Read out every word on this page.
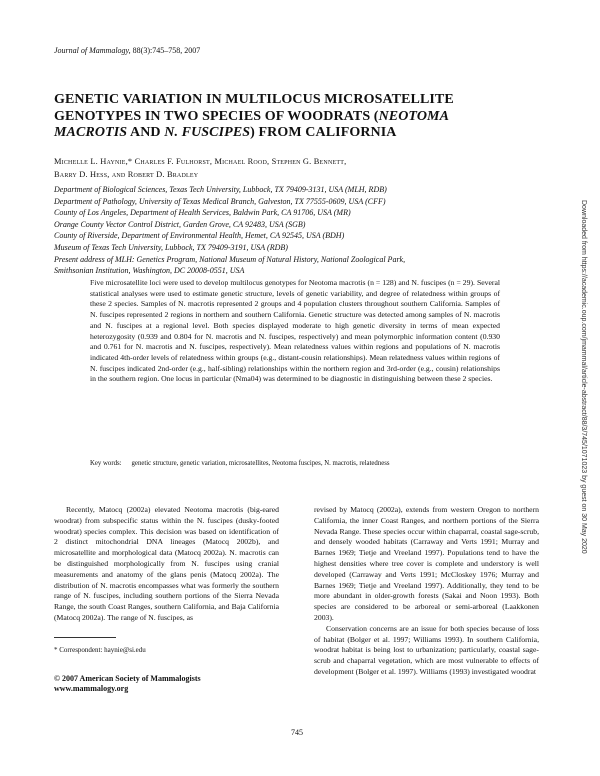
Journal of Mammalogy, 88(3):745–758, 2007
GENETIC VARIATION IN MULTILOCUS MICROSATELLITE GENOTYPES IN TWO SPECIES OF WOODRATS (NEOTOMA MACROTIS AND N. FUSCIPES) FROM CALIFORNIA
Michelle L. Haynie,* Charles F. Fulhorst, Michael Rood, Stephen G. Bennett,
Barry D. Hess, and Robert D. Bradley
Department of Biological Sciences, Texas Tech University, Lubbock, TX 79409-3131, USA (MLH, RDB)
Department of Pathology, University of Texas Medical Branch, Galveston, TX 77555-0609, USA (CFF)
County of Los Angeles, Department of Health Services, Baldwin Park, CA 91706, USA (MR)
Orange County Vector Control District, Garden Grove, CA 92483, USA (SGB)
County of Riverside, Department of Environmental Health, Hemet, CA 92545, USA (BDH)
Museum of Texas Tech University, Lubbock, TX 79409-3191, USA (RDB)
Present address of MLH: Genetics Program, National Museum of Natural History, National Zoological Park,
Smithsonian Institution, Washington, DC 20008-0551, USA
Five microsatellite loci were used to develop multilocus genotypes for Neotoma macrotis (n = 128) and N. fuscipes (n = 29). Several statistical analyses were used to estimate genetic structure, levels of genetic variability, and degree of relatedness within groups of these 2 species. Samples of N. macrotis represented 2 groups and 4 population clusters throughout southern California. Samples of N. fuscipes represented 2 regions in northern and southern California. Genetic structure was detected among samples of N. macrotis and N. fuscipes at a regional level. Both species displayed moderate to high genetic diversity in terms of mean expected heterozygosity (0.939 and 0.804 for N. macrotis and N. fuscipes, respectively) and mean polymorphic information content (0.930 and 0.761 for N. macrotis and N. fuscipes, respectively). Mean relatedness values within regions and populations of N. macrotis indicated 4th-order levels of relatedness within groups (e.g., distant-cousin relationships). Mean relatedness values within regions of N. fuscipes indicated 2nd-order (e.g., half-sibling) relationships within the northern region and 3rd-order (e.g., cousin) relationships in the southern region. One locus in particular (Nma04) was determined to be diagnostic in distinguishing between these 2 species.
Key words: genetic structure, genetic variation, microsatellites, Neotoma fuscipes, N. macrotis, relatedness

Recently, Matocq (2002a) elevated Neotoma macrotis (big-eared woodrat) from subspecific status within the N. fuscipes (dusky-footed woodrat) species complex. This decision was based on identification of 2 distinct mitochondrial DNA lineages (Matocq 2002b), and microsatellite and morphological data (Matocq 2002a). N. macrotis can be distinguished morphologically from N. fuscipes using cranial measurements and anatomy of the glans penis (Matocq 2002a). The distribution of N. macrotis encompasses what was formerly the southern range of N. fuscipes, including southern portions of the Sierra Nevada Range, the south Coast Ranges, southern California, and Baja California (Matocq 2002a). The range of N. fuscipes, as

revised by Matocq (2002a), extends from western Oregon to northern California, the inner Coast Ranges, and northern portions of the Sierra Nevada Range. These species occur within chaparral, coastal sage-scrub, and densely wooded habitats (Carraway and Verts 1991; Murray and Barnes 1969; Tietje and Vreeland 1997). Populations tend to have the highest densities where tree cover is complete and understory is well developed (Carraway and Verts 1991; McCloskey 1976; Murray and Barnes 1969; Tietje and Vreeland 1997). Additionally, they tend to be more abundant in older-growth forests (Sakai and Noon 1993). Both species are considered to be arboreal or semi-arboreal (Laakkonen 2003).

Conservation concerns are an issue for both species because of loss of habitat (Bolger et al. 1997; Williams 1993). In southern California, woodrat habitat is being lost to urbanization; particularly, coastal sage-scrub and chaparral vegetation, which are most vulnerable to effects of development (Bolger et al. 1997). Williams (1993) investigated woodrat

* Correspondent: haynie@si.edu
© 2007 American Society of Mammalogists
www.mammalogy.org
745
Downloaded from https://academic.oup.com/jmammal/article-abstract/88/3/745/1071023 by guest on 30 May 2020
